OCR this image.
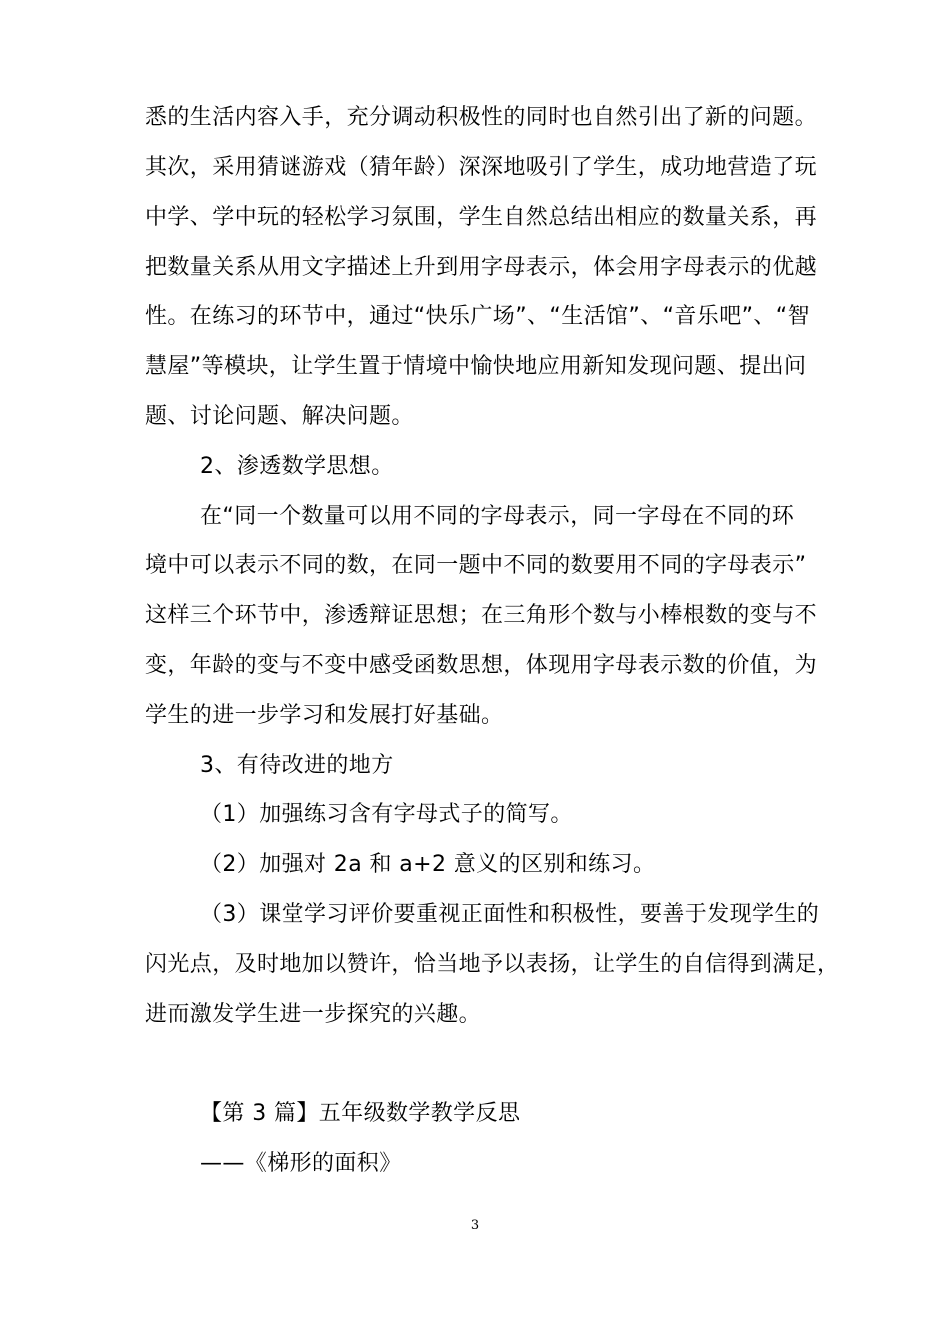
悉的生活内容入手，充分调动积极性的同时也自然引出了新的问题。
其次，采用猜谜游戏（猜年龄）深深地吸引了学生，成功地营造了玩
中学、学中玩的轻松学习氛围，学生自然总结出相应的数量关系，再
把数量关系从用文字描述上升到用字母表示，体会用字母表示的优越
性。在练习的环节中，通过“快乐广场”、“生活馆”、“音乐吧”、“智
慧屋”等模块，让学生置于情境中愉快地应用新知发现问题、提出问
题、讨论问题、解决问题。
2、渗透数学思想。
在“同一个数量可以用不同的字母表示，同一字母在不同的环
境中可以表示不同的数，在同一题中不同的数要用不同的字母表示”
这样三个环节中，渗透辩证思想；在三角形个数与小棒根数的变与不
变，年龄的变与不变中感受函数思想，体现用字母表示数的价值，为
学生的进一步学习和发展打好基础。
3、有待改进的地方
（1）加强练习含有字母式子的简写。
（2）加强对 2a 和 a+2 意义的区别和练习。
（3）课堂学习评价要重视正面性和积极性，要善于发现学生的
闪光点，及时地加以赞许，恰当地予以表扬，让学生的自信得到满足，
进而激发学生进一步探究的兴趣。
【第 3 篇】五年级数学教学反思
——《梯形的面积》
3
